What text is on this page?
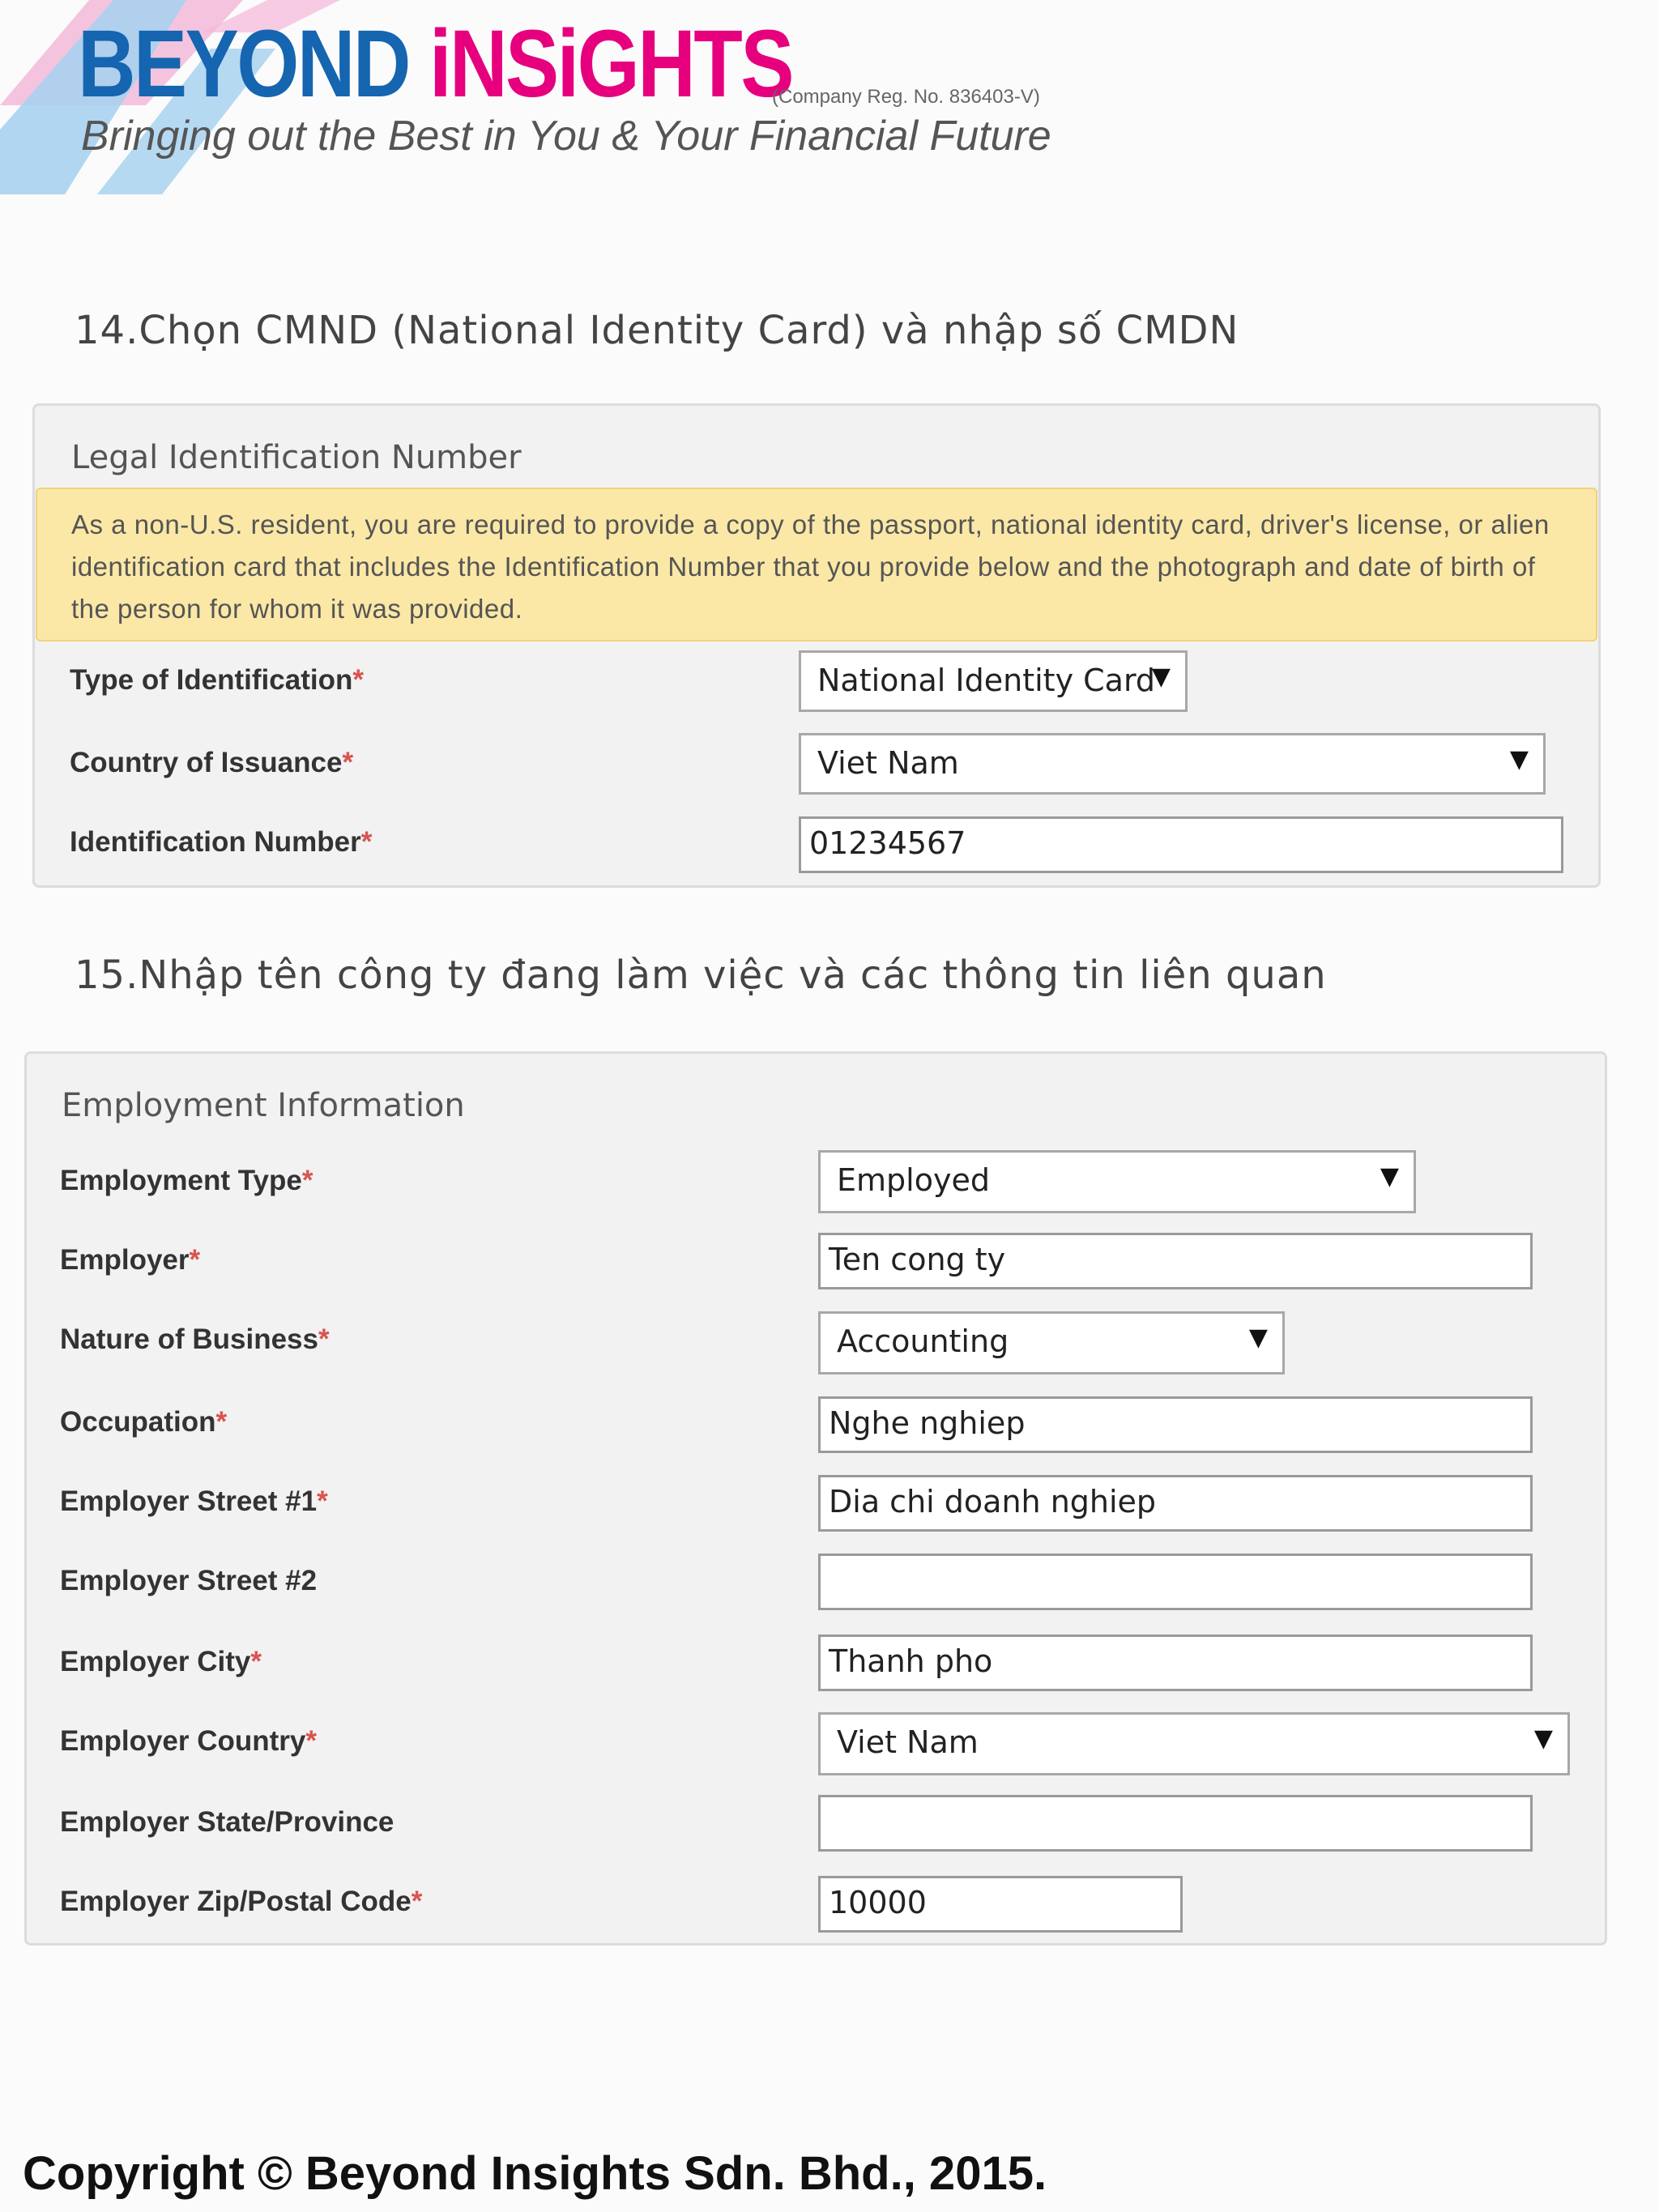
BEYOND iNSiGHTS
(Company Reg. No. 836403-V)
Bringing out the Best in You & Your Financial Future
14.Chọn CMND (National Identity Card) và nhập số CMDN
Legal Identification Number
As a non-U.S. resident, you are required to provide a copy of the passport, national identity card, driver's license, or alien identification card that includes the Identification Number that you provide below and the photograph and date of birth of the person for whom it was provided.
Type of Identification*	National Identity Card
▼
Country of Issuance*	Viet Nam	▼
Identification Number*	01234567
15.Nhập tên công ty đang làm việc và các thông tin liên quan
Employment Information
Employment Type*	Employed	▼
Employer*	Ten cong ty
Nature of Business*	Accounting	▼
Occupation*	Nghe nghiep
Employer Street #1*	Dia chi doanh nghiep
Employer Street #2
Employer City*	Thanh pho
Employer Country*	Viet Nam	▼
Employer State/Province
Employer Zip/Postal Code*	10000
Copyright © Beyond Insights Sdn. Bhd., 2015.
